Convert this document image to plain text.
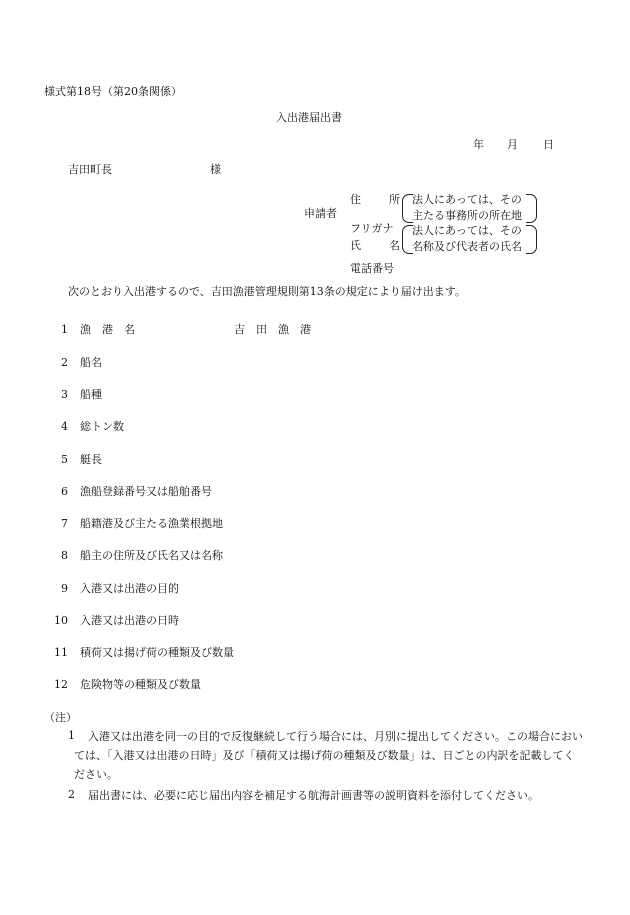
様式第18号（第20条関係）
入出港届出書
年 月 日
吉田町長	様
申請者
住	所 法人にあっては、その
主たる事務所の所在地
フリガナ
氏	名
法人にあっては、その
名称及び代表者の氏名
電話番号
次のとおり入出港するので、吉田漁港管理規則第13条の規定により届け出ます。
1 漁　港　名	吉　田　漁　港
2 船名
3 船種
4 総トン数
5 艇長
6 漁船登録番号又は船舶番号
7 船籍港及び主たる漁業根拠地
8 船主の住所及び氏名又は名称
9 入港又は出港の目的
10 入港又は出港の日時
11 積荷又は揚げ荷の種類及び数量
12 危険物等の種類及び数量
（注）
1	入港又は出港を同一の目的で反復継続して行う場合には、月別に提出してください。この場合においては、「入港又は出港の日時」及び「積荷又は揚げ荷の種類及び数量」は、日ごとの内訳を記載してください。
2	届出書には、必要に応じ届出内容を補足する航海計画書等の説明資料を添付してください。
